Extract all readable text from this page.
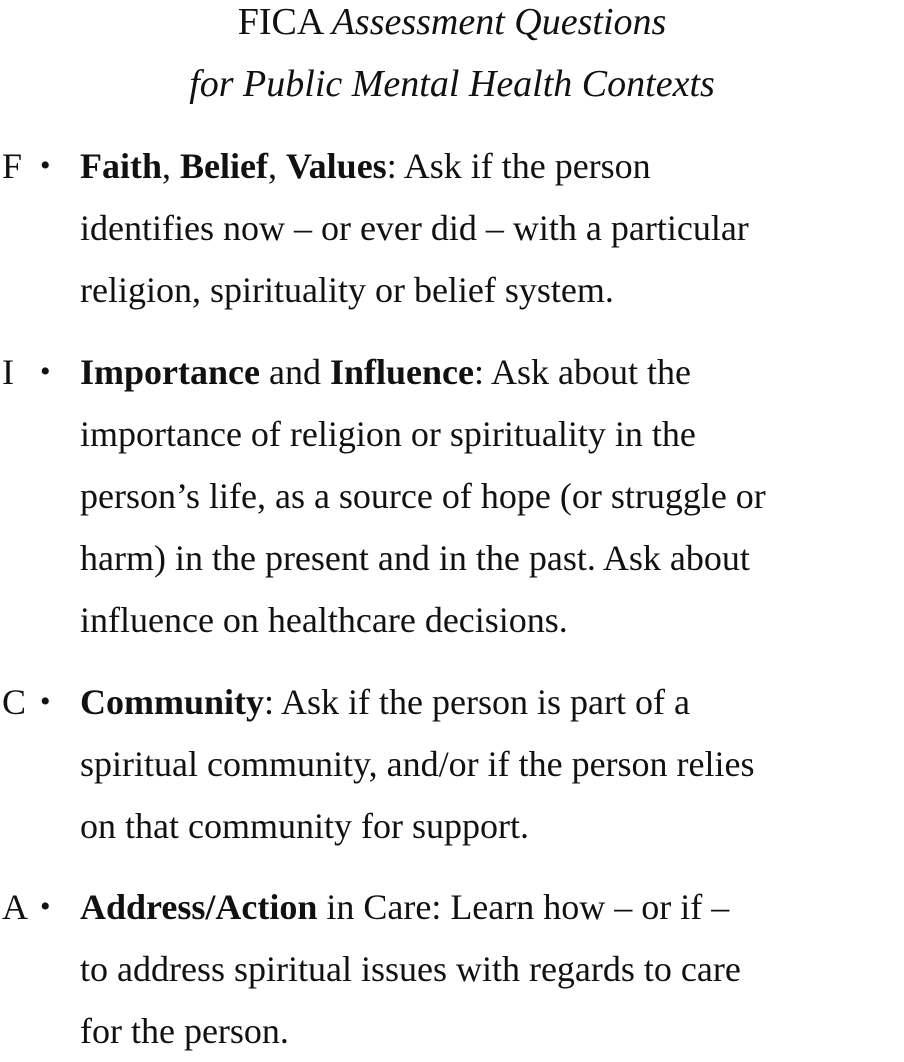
FICA Assessment Questions
for Public Mental Health Contexts
F • Faith, Belief, Values: Ask if the person
identifies now – or ever did – with a particular
religion, spirituality or belief system.
I • Importance and Influence: Ask about the
importance of religion or spirituality in the
person’s life, as a source of hope (or struggle or
harm) in the present and in the past. Ask about
influence on healthcare decisions.
C • Community: Ask if the person is part of a
spiritual community, and/or if the person relies
on that community for support.
A • Address/Action in Care: Learn how – or if –
to address spiritual issues with regards to care
for the person.
